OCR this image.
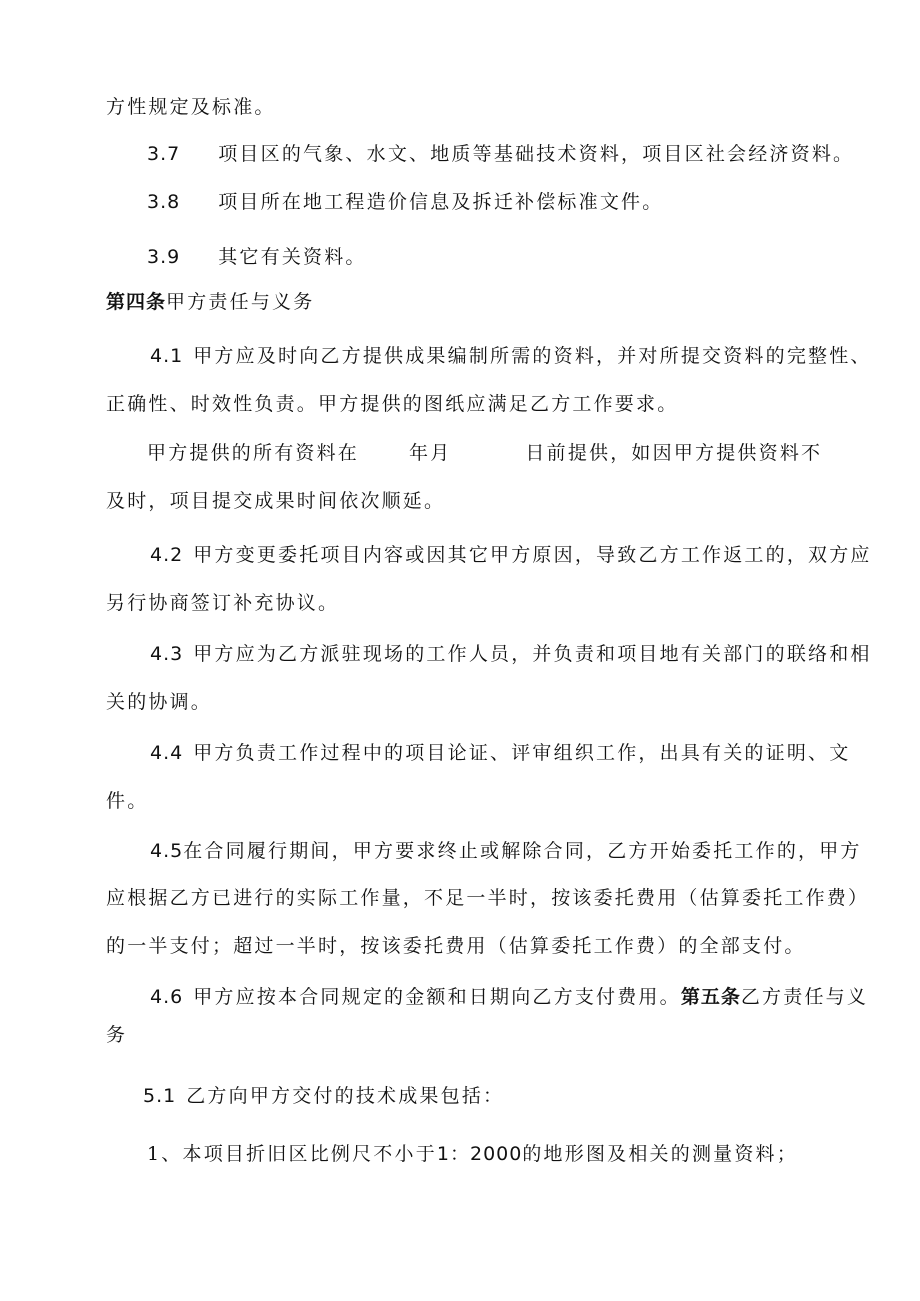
方性规定及标准。
3.7 项目区的气象、水文、地质等基础技术资料，项目区社会经济资料。
3.8 项目所在地工程造价信息及拆迁补偿标准文件。
3.9 其它有关资料。
第四条甲方责任与义务
4.1 甲方应及时向乙方提供成果编制所需的资料，并对所提交资料的完整性、
正确性、时效性负责。甲方提供的图纸应满足乙方工作要求。
甲方提供的所有资料在	年月	日前提供，如因甲方提供资料不
及时，项目提交成果时间依次顺延。
4.2 甲方变更委托项目内容或因其它甲方原因，导致乙方工作返工的，双方应
另行协商签订补充协议。
4.3 甲方应为乙方派驻现场的工作人员，并负责和项目地有关部门的联络和相
关的协调。
4.4 甲方负责工作过程中的项目论证、评审组织工作，出具有关的证明、文
件。
4.5在合同履行期间，甲方要求终止或解除合同，乙方开始委托工作的，甲方
应根据乙方已进行的实际工作量，不足一半时，按该委托费用（估算委托工作费）
的一半支付；超过一半时，按该委托费用（估算委托工作费）的全部支付。
4.6 甲方应按本合同规定的金额和日期向乙方支付费用。第五条乙方责任与义
务
5.1 乙方向甲方交付的技术成果包括：
1、本项目折旧区比例尺不小于1：2000的地形图及相关的测量资料；
